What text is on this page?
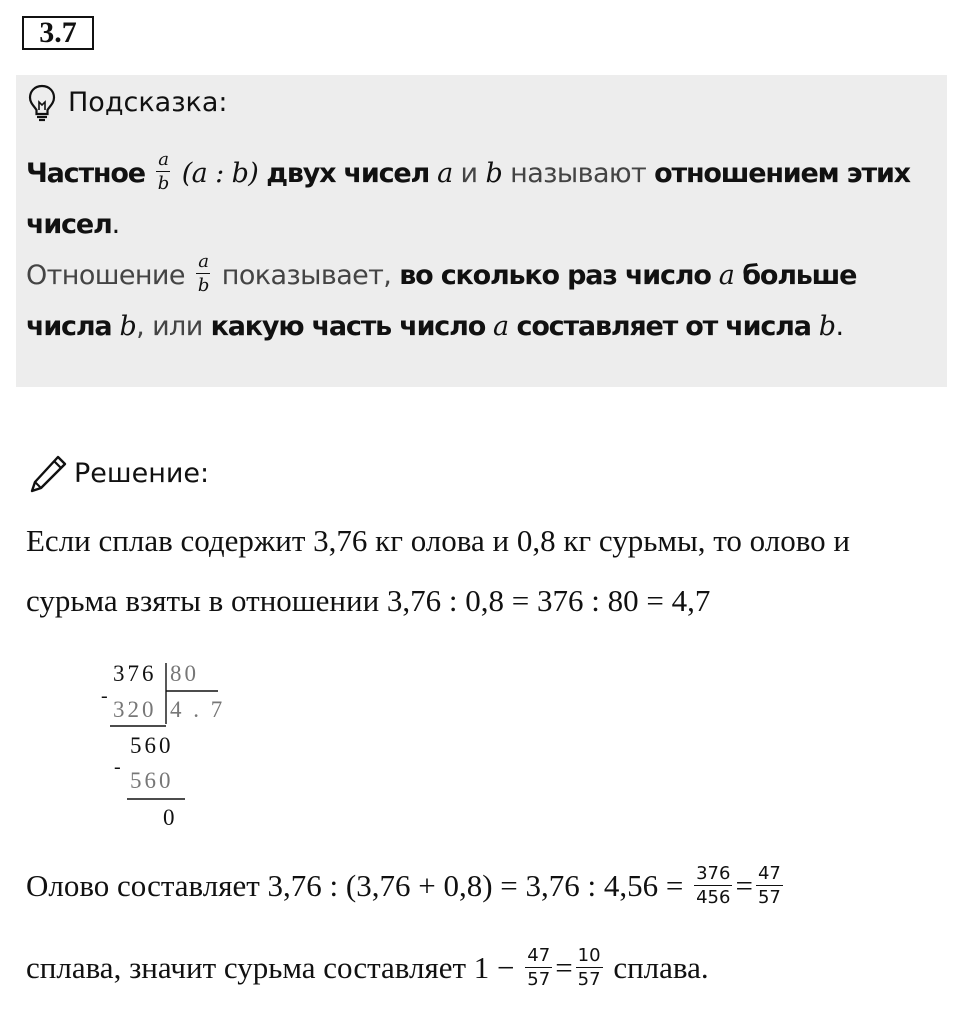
3.7
Подсказка:
Частное $\frac{a}{b} (a$ : b) двух чисел a и b называют отношением этих чисел.
Отношение $\frac{a}{b}$ показывает, во сколько раз число a больше числа b, или какую часть число a составляет от числа b.
Решение:
Если сплав содержит 3,76 кг олова и 0,8 кг сурьмы, то олово и сурьма взяты в отношении 3,76 : 0,8 = 376 : 80 = 4,7
376 80
-
320 4 . 7
560
-
560
0
Олово составляет 3,76 : (3,76 + 0,8) = 3,76 : $4,56 = \frac{376}{456} = \frac{47}{57}$
сплава, значит сурьма составляет $1 - \frac{47}{57} = \frac{10}{57}$ сплава.
